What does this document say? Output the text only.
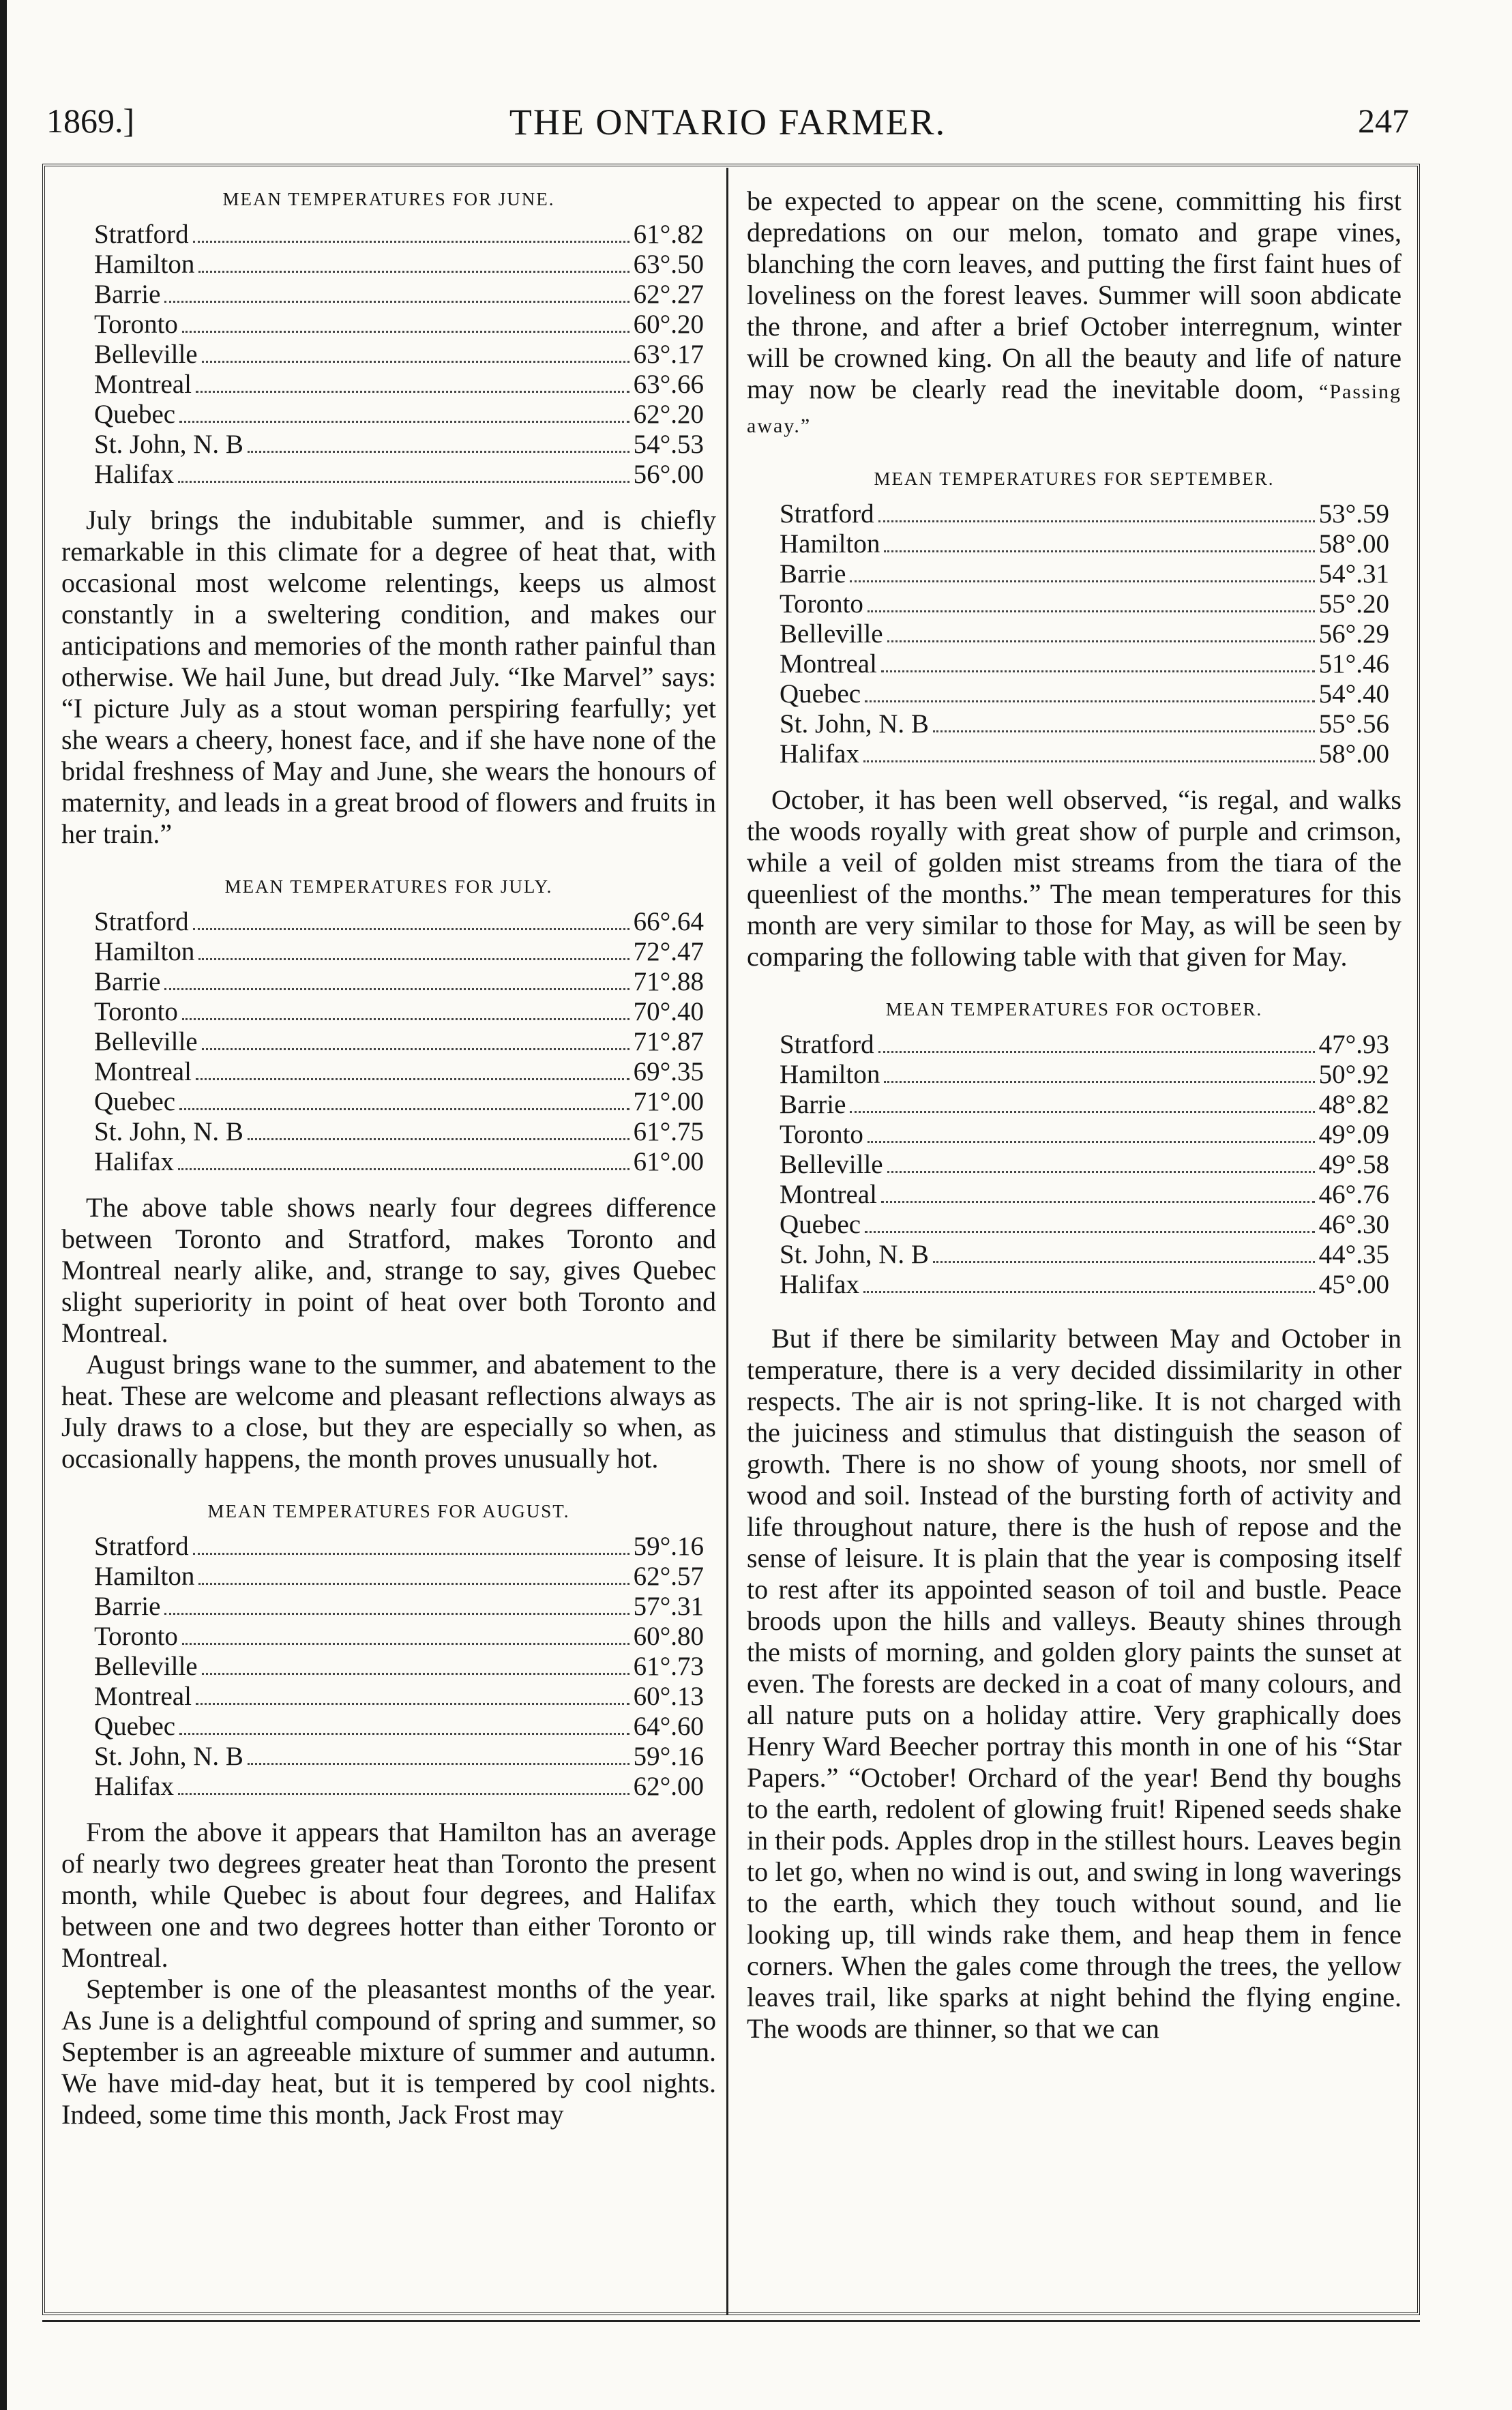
1869.]	THE ONTARIO FARMER.	247
MEAN TEMPERATURES FOR JUNE.
Stratford	61°.82
Hamilton	63°.50
Barrie	62°.27
Toronto	60°.20
Belleville	63°.17
Montreal	63°.66
Quebec	62°.20
St. John, N. B	54°.53
Halifax	56°.00

July brings the indubitable summer, and is chiefly remarkable in this climate for a degree of heat that, with occasional most welcome relentings, keeps us almost constantly in a sweltering condition, and makes our anticipations and memories of the month rather painful than otherwise. We hail June, but dread July. “Ike Marvel” says: “I picture July as a stout woman perspiring fearfully; yet she wears a cheery, honest face, and if she have none of the bridal freshness of May and June, she wears the honours of maternity, and leads in a great brood of flowers and fruits in her train.”

MEAN TEMPERATURES FOR JULY.
Stratford	66°.64
Hamilton	72°.47
Barrie	71°.88
Toronto	70°.40
Belleville	71°.87
Montreal	69°.35
Quebec	71°.00
St. John, N. B	61°.75
Halifax	61°.00

The above table shows nearly four degrees difference between Toronto and Stratford, makes Toronto and Montreal nearly alike, and, strange to say, gives Quebec slight superiority in point of heat over both Toronto and Montreal.

August brings wane to the summer, and abatement to the heat. These are welcome and pleasant reflections always as July draws to a close, but they are especially so when, as occasionally happens, the month proves unusually hot.

MEAN TEMPERATURES FOR AUGUST.
Stratford	59°.16
Hamilton	62°.57
Barrie	57°.31
Toronto	60°.80
Belleville	61°.73
Montreal	60°.13
Quebec	64°.60
St. John, N. B	59°.16
Halifax	62°.00

From the above it appears that Hamilton has an average of nearly two degrees greater heat than Toronto the present month, while Quebec is about four degrees, and Halifax between one and two degrees hotter than either Toronto or Montreal.

September is one of the pleasantest months of the year. As June is a delightful compound of spring and summer, so September is an agreeable mixture of summer and autumn. We have mid-day heat, but it is tempered by cool nights. Indeed, some time this month, Jack Frost may

be expected to appear on the scene, committing his first depredations on our melon, tomato and grape vines, blanching the corn leaves, and putting the first faint hues of loveliness on the forest leaves. Summer will soon abdicate the throne, and after a brief October interregnum, winter will be crowned king. On all the beauty and life of nature may now be clearly read the inevitable doom, “Passing away.”

MEAN TEMPERATURES FOR SEPTEMBER.
Stratford	53°.59
Hamilton	58°.00
Barrie	54°.31
Toronto	55°.20
Belleville	56°.29
Montreal	51°.46
Quebec	54°.40
St. John, N. B	55°.56
Halifax	58°.00

October, it has been well observed, “is regal, and walks the woods royally with great show of purple and crimson, while a veil of golden mist streams from the tiara of the queenliest of the months.” The mean temperatures for this month are very similar to those for May, as will be seen by comparing the following table with that given for May.

MEAN TEMPERATURES FOR OCTOBER.
Stratford	47°.93
Hamilton	50°.92
Barrie	48°.82
Toronto	49°.09
Belleville	49°.58
Montreal	46°.76
Quebec	46°.30
St. John, N. B	44°.35
Halifax	45°.00

But if there be similarity between May and October in temperature, there is a very decided dissimilarity in other respects. The air is not spring-like. It is not charged with the juiciness and stimulus that distinguish the season of growth. There is no show of young shoots, nor smell of wood and soil. Instead of the bursting forth of activity and life throughout nature, there is the hush of repose and the sense of leisure. It is plain that the year is composing itself to rest after its appointed season of toil and bustle. Peace broods upon the hills and valleys. Beauty shines through the mists of morning, and golden glory paints the sunset at even. The forests are decked in a coat of many colours, and all nature puts on a holiday attire. Very graphically does Henry Ward Beecher portray this month in one of his “Star Papers.” “October! Orchard of the year! Bend thy boughs to the earth, redolent of glowing fruit! Ripened seeds shake in their pods. Apples drop in the stillest hours. Leaves begin to let go, when no wind is out, and swing in long waverings to the earth, which they touch without sound, and lie looking up, till winds rake them, and heap them in fence corners. When the gales come through the trees, the yellow leaves trail, like sparks at night behind the flying engine. The woods are thinner, so that we can
